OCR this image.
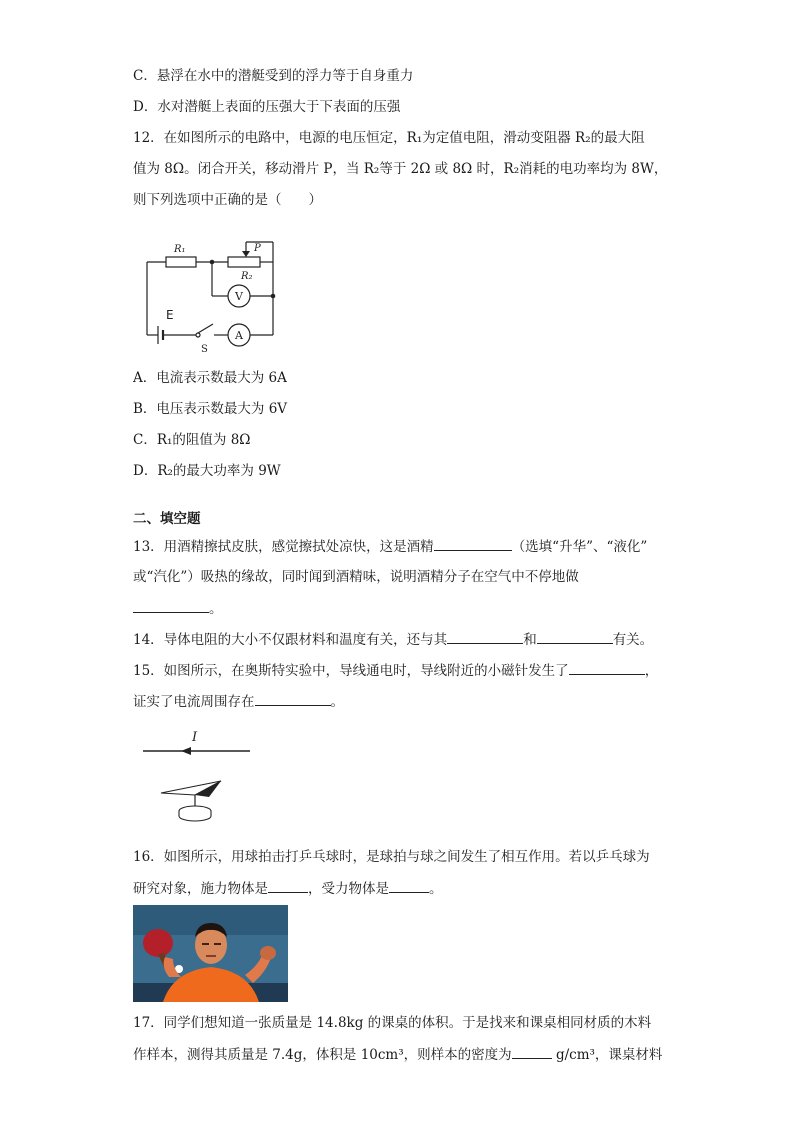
C．悬浮在水中的潜艇受到的浮力等于自身重力
D．水对潜艇上表面的压强大于下表面的压强
12．在如图所示的电路中，电源的电压恒定，R₁为定值电阻，滑动变阻器 R₂的最大阻
值为 8Ω。闭合开关，移动滑片 P，当 R₂等于 2Ω 或 8Ω 时，R₂消耗的电功率均为 8W，
则下列选项中正确的是（　　）
R₁
R₂
P
V
A
E
S
A．电流表示数最大为 6A
B．电压表示数最大为 6V
C．R₁的阻值为 8Ω
D．R₂的最大功率为 9W
二、填空题
13．用酒精擦拭皮肤，感觉擦拭处凉快，这是酒精	（选填“升华”、“液化”
或“汽化”）吸热的缘故，同时闻到酒精味，说明酒精分子在空气中不停地做
。
14．导体电阻的大小不仅跟材料和温度有关，还与其	和	有关。
15．如图所示，在奥斯特实验中，导线通电时，导线附近的小磁针发生了	，
证实了电流周围存在	。
I
16．如图所示，用球拍击打乒乓球时，是球拍与球之间发生了相互作用。若以乒乓球为
研究对象，施力物体是	，受力物体是	。
17．同学们想知道一张质量是 14.8kg 的课桌的体积。于是找来和课桌相同材质的木料
作样本，测得其质量是 7.4g，体积是 10cm³，则样本的密度为	g/cm³，课桌材料
